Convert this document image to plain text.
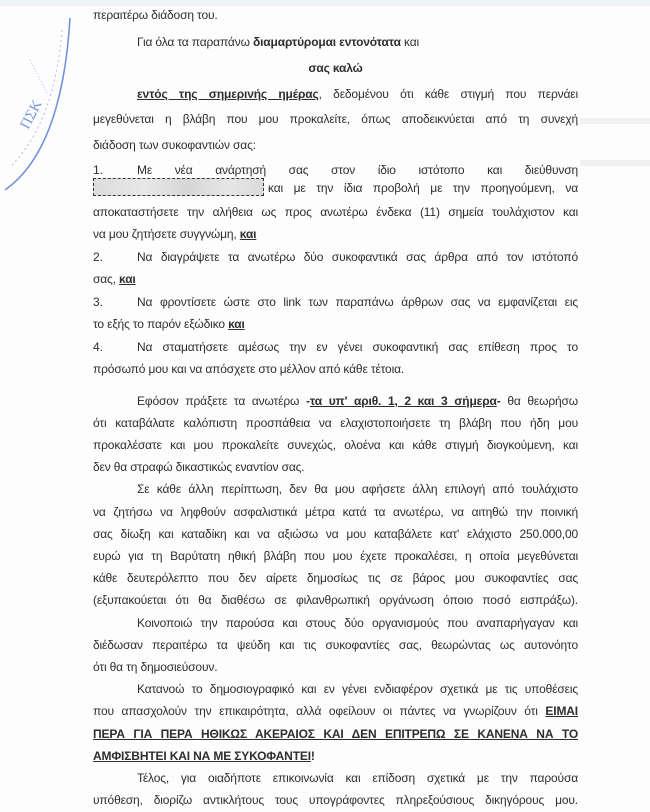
ΠΣΚ
περαιτέρω διάδοση του.
Για όλα τα παραπάνω διαμαρτύρομαι εντονότατα και
σας καλώ
εντός της σημερινής ημέρας, δεδομένου ότι κάθε στιγμή που περνάει
μεγεθύνεται η βλάβη που μου προκαλείτε, όπως αποδεικνύεται από τη συνεχή
διάδοση των συκοφαντιών σας:
Με νέα ανάρτησή σας στον ίδιο ιστότοπο και διεύθυνση
1.
και με την ίδια προβολή με την προηγούμενη, να
αποκαταστήσετε την αλήθεια ως προς ανωτέρω ένδεκα (11) σημεία τουλάχιστον και
να μου ζητήσετε συγγνώμη, και
Να διαγράψετε τα ανωτέρω δύο συκοφαντικά σας άρθρα από τον ιστότοπό
2.
σας, και
Να φροντίσετε ώστε στο link των παραπάνω άρθρων σας να εμφανίζεται εις
3.
το εξής το παρόν εξώδικο και
Να σταματήσετε αμέσως την εν γένει συκοφαντική σας επίθεση προς το
4.
πρόσωπό μου και να απόσχετε στο μέλλον από κάθε τέτοια.
Εφόσον πράξετε τα ανωτέρω -τα υπ' αριθ. 1, 2 και 3 σήμερα- θα θεωρήσω
ότι καταβάλατε καλόπιστη προσπάθεια να ελαχιστοποιήσετε τη βλάβη που ήδη μου
προκαλέσατε και μου προκαλείτε συνεχώς, ολοένα και κάθε στιγμή διογκούμενη, και
δεν θα στραφώ δικαστικώς εναντίον σας.
Σε κάθε άλλη περίπτωση, δεν θα μου αφήσετε άλλη επιλογή από τουλάχιστο
να ζητήσω να ληφθούν ασφαλιστικά μέτρα κατά τα ανωτέρω, να αιτηθώ την ποινική
σας δίωξη και καταδίκη και να αξιώσω να μου καταβάλετε κατ' ελάχιστο 250.000,00
ευρώ για τη Βαρύτατη ηθική βλάβη που μου έχετε προκαλέσει, η οποία μεγεθύνεται
κάθε δευτερόλεπτο που δεν αίρετε δημοσίως τις σε βάρος μου συκοφαντίες σας
(εξυπακούεται ότι θα διαθέσω σε φιλανθρωπική οργάνωση όποιο ποσό εισπράξω).
Κοινοποιώ την παρούσα και στους δύο οργανισμούς που αναπαρήγαγαν και
διέδωσαν περαιτέρω τα ψεύδη και τις συκοφαντίες σας, θεωρώντας ως αυτονόητο
ότι θα τη δημοσιεύσουν.
Κατανοώ το δημοσιογραφικό και εν γένει ενδιαφέρον σχετικά με τις υποθέσεις
που απασχολούν την επικαιρότητα, αλλά οφείλουν οι πάντες να γνωρίζουν ότι ΕΙΜΑΙ
ΠΕΡΑ ΓΙΑ ΠΕΡΑ ΗΘΙΚΩΣ ΑΚΕΡΑΙΟΣ ΚΑΙ ΔΕΝ ΕΠΙΤΡΕΠΩ ΣΕ ΚΑΝΕΝΑ ΝΑ ΤΟ
ΑΜΦΙΣΒΗΤΕΙ ΚΑΙ ΝΑ ΜΕ ΣΥΚΟΦΑΝΤΕΙ!
Τέλος, για οιαδήποτε επικοινωνία και επίδοση σχετικά με την παρούσα
υπόθεση, διορίζω αντικλήτους τους υπογράφοντες πληρεξούσιους δικηγόρους μου.
